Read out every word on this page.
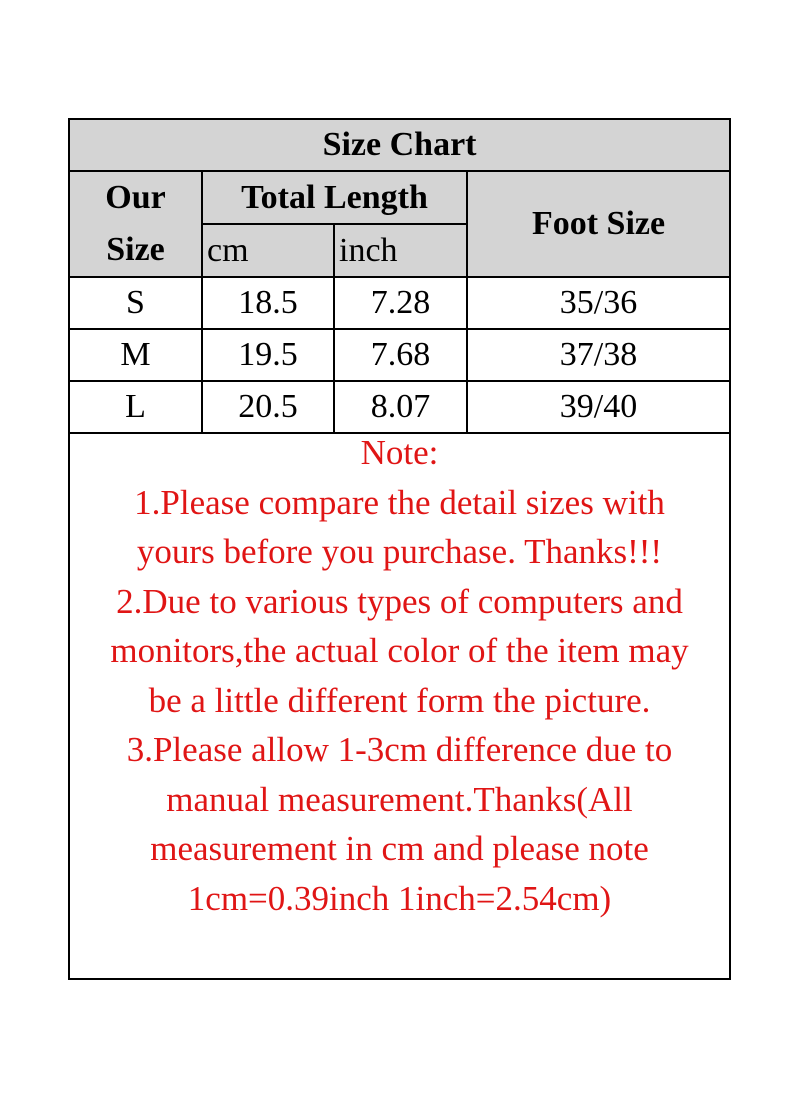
Size Chart			

Our
Size	Total Length		Foot Size
	cm	inch	
S	18.5	7.28	35/36
M	19.5	7.68	37/38
L	20.5	8.07	39/40
Note:
1.Please compare the detail sizes with
yours before you purchase. Thanks!!!
2.Due to various types of computers and
monitors,the actual color of the item may
be a little different form the picture.
3.Please allow 1-3cm difference due to
manual measurement.Thanks(All
measurement in cm and please note
1cm=0.39inch 1inch=2.54cm)
